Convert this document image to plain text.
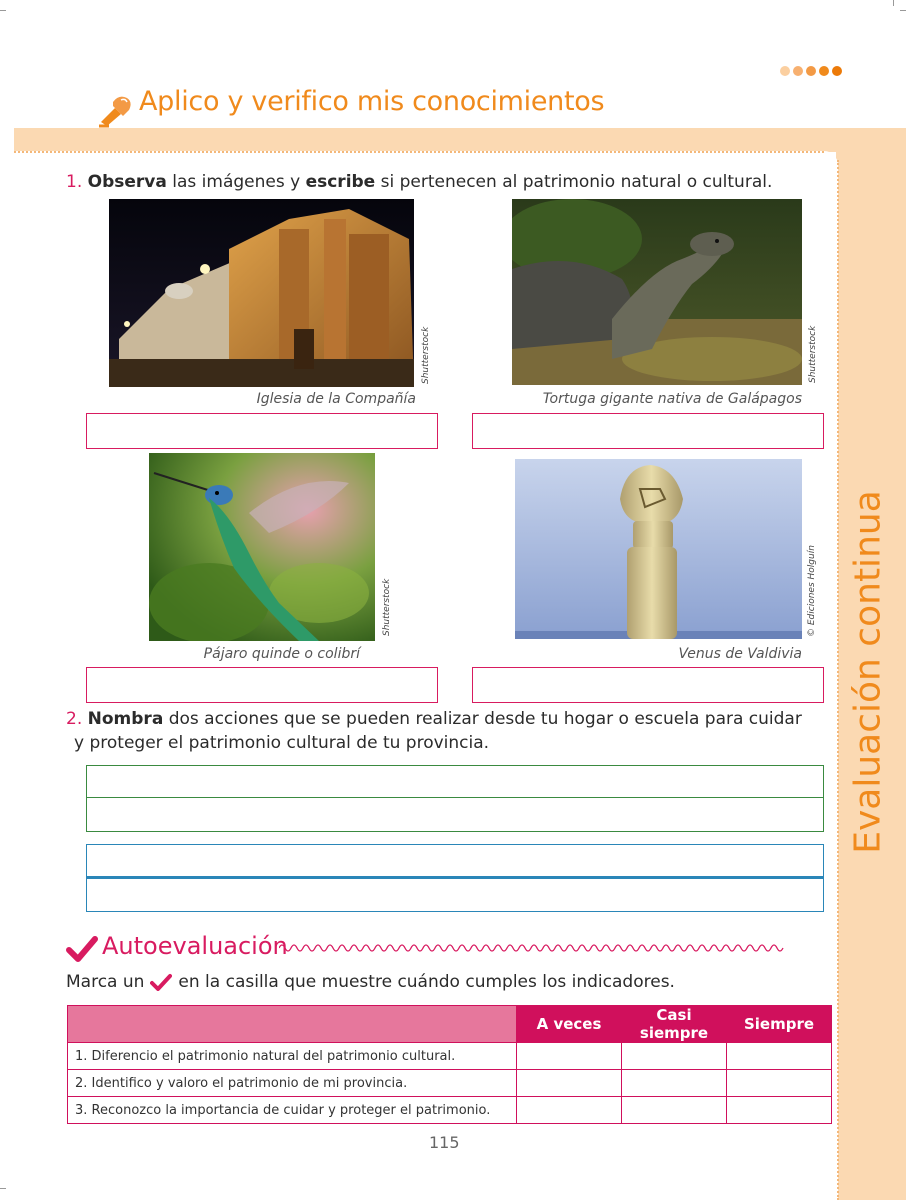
Aplico y verifico mis conocimientos
Evaluación continua
1. Observa las imágenes y escribe si pertenecen al patrimonio natural o cultural.
Shutterstock
Iglesia de la Compañía
Shutterstock
Tortuga gigante nativa de Galápagos
Shutterstock
Pájaro quinde o colibrí
© Ediciones Holguín
Venus de Valdivia
2. Nombra dos acciones que se pueden realizar desde tu hogar o escuela para cuidar
y proteger el patrimonio cultural de tu provincia.
Autoevaluación
Marca un en la casilla que muestre cuándo cumples los indicadores.
	A veces	Casi siempre	Siempre
1. Diferencio el patrimonio natural del patrimonio cultural.			
2. Identifico y valoro el patrimonio de mi provincia.			
3. Reconozco la importancia de cuidar y proteger el patrimonio.			
115
